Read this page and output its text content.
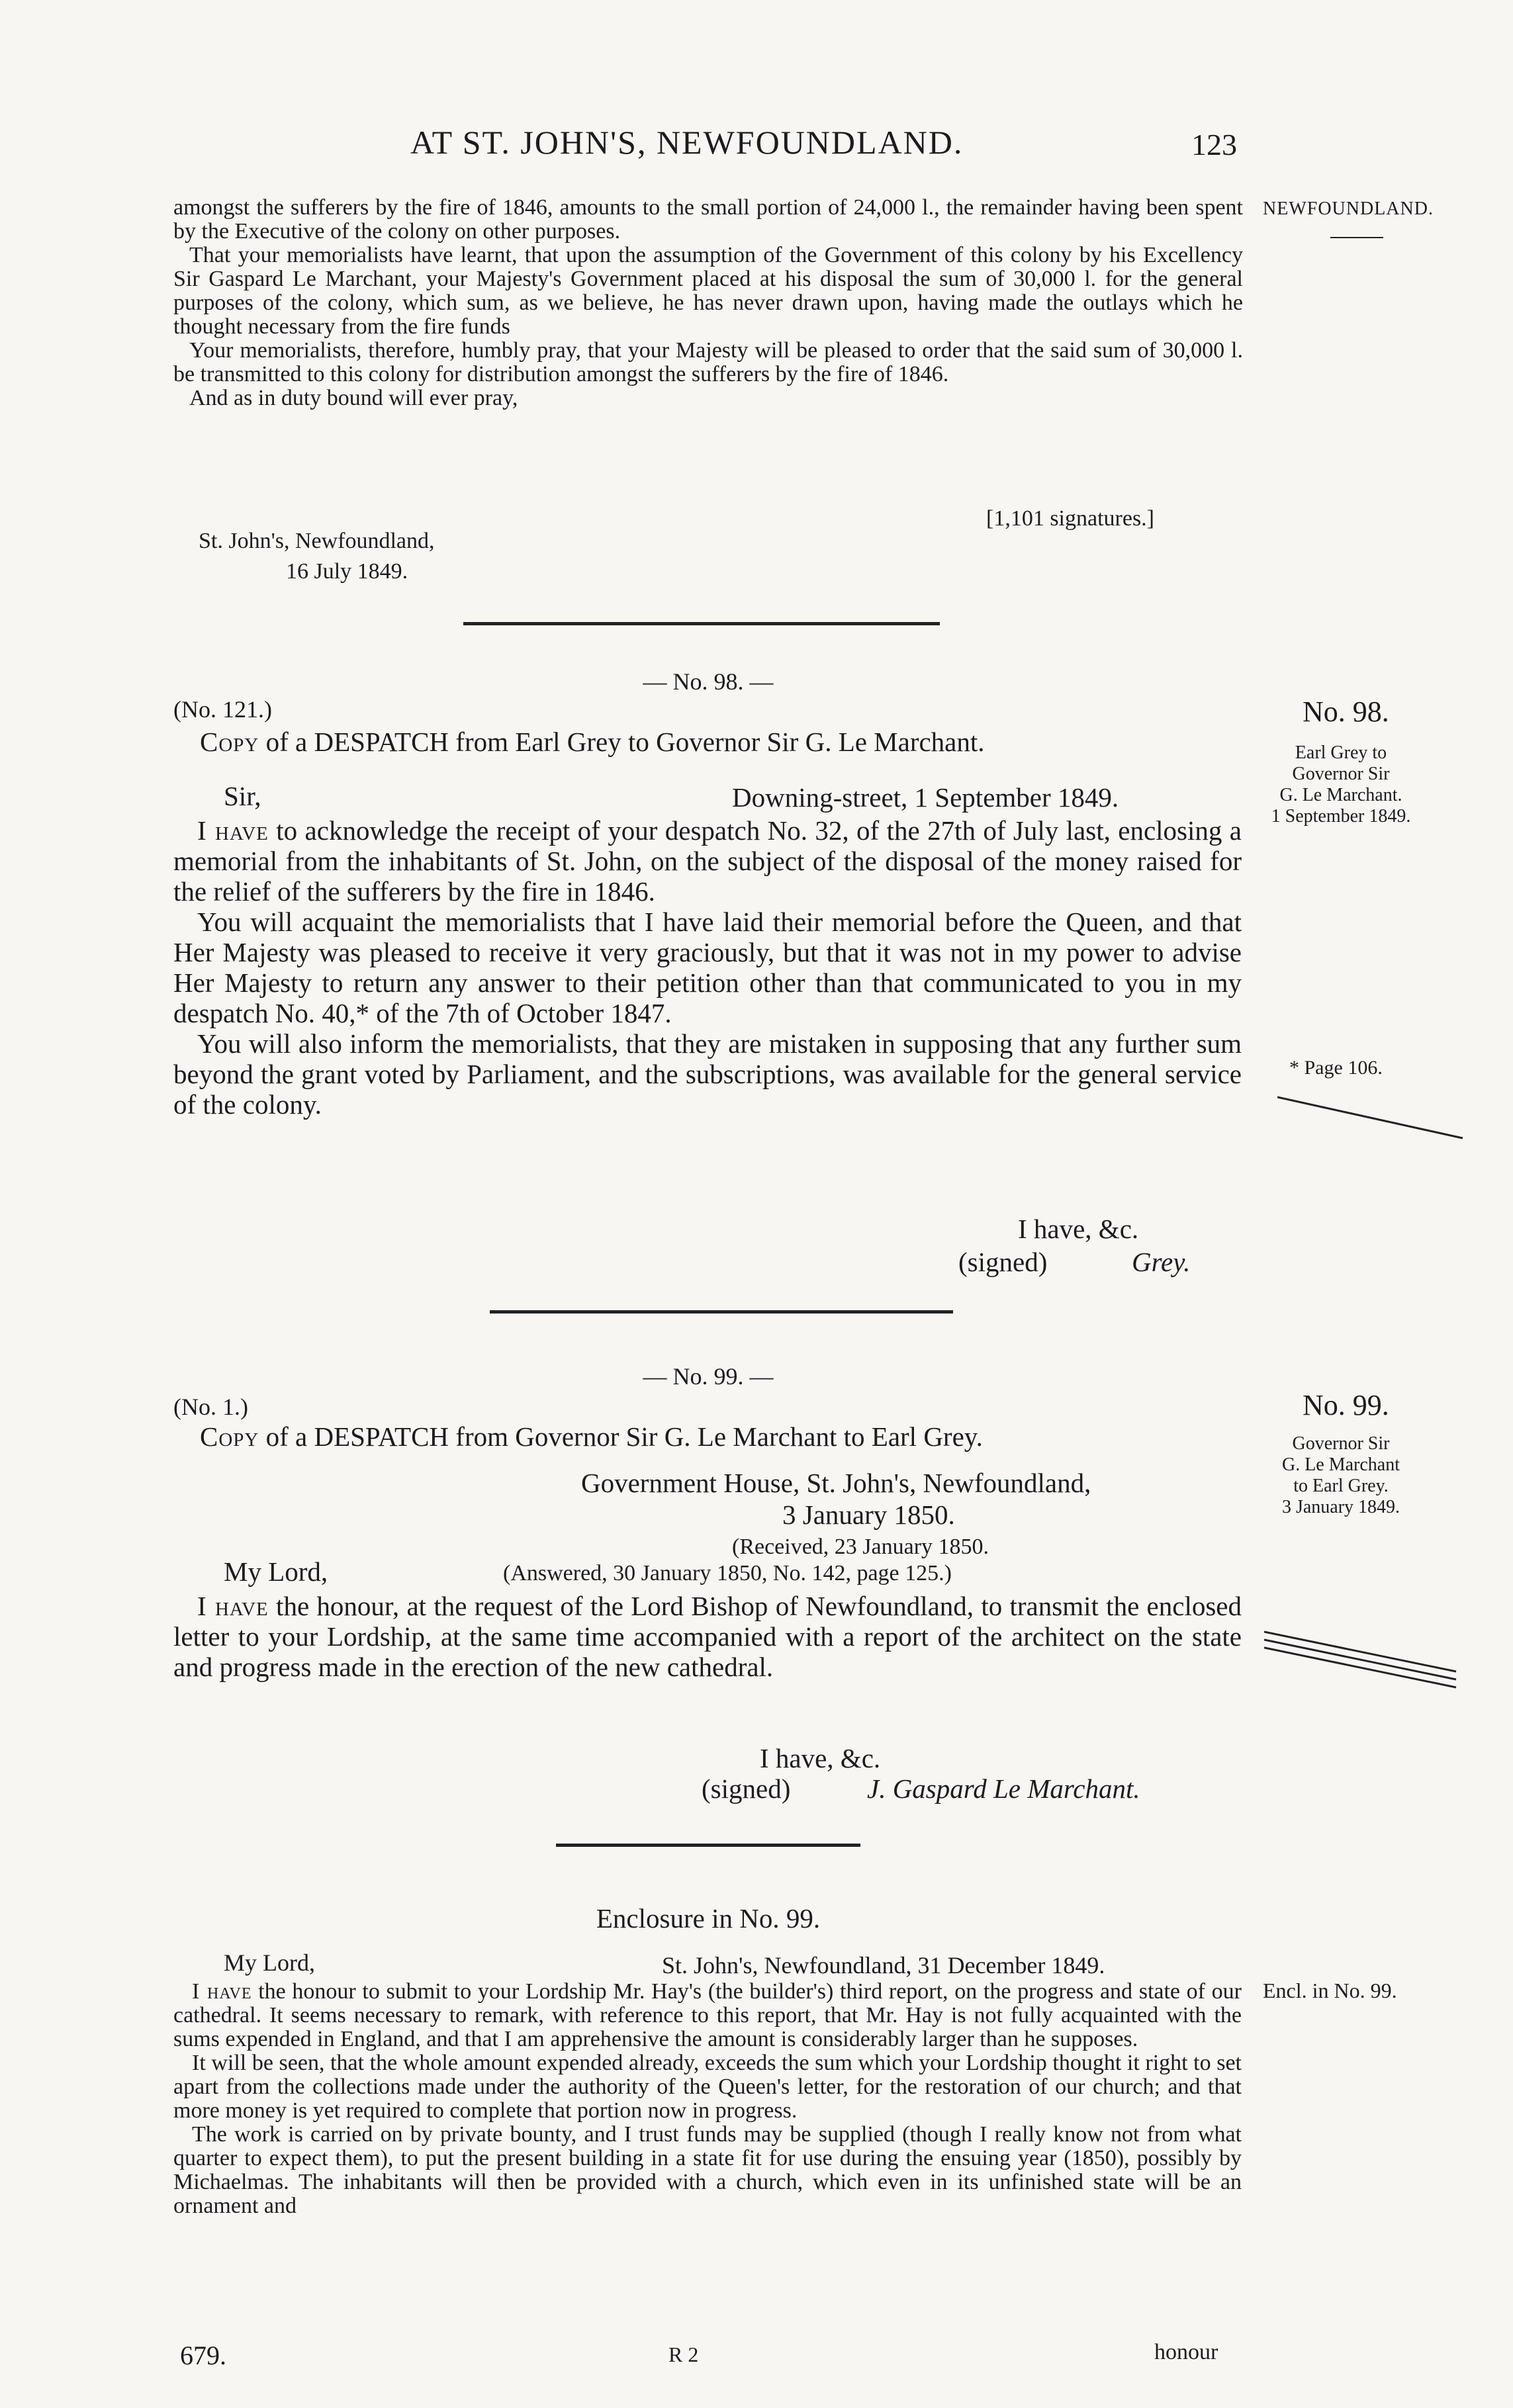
AT ST. JOHN'S, NEWFOUNDLAND.	123

amongst the sufferers by the fire of 1846, amounts to the small portion of 24,000 l., the remainder having been spent by the Executive of the colony on other purposes.

That your memorialists have learnt, that upon the assumption of the Government of this colony by his Excellency Sir Gaspard Le Marchant, your Majesty's Government placed at his disposal the sum of 30,000 l. for the general purposes of the colony, which sum, as we believe, he has never drawn upon, having made the outlays which he thought necessary from the fire funds

Your memorialists, therefore, humbly pray, that your Majesty will be pleased to order that the said sum of 30,000 l. be transmitted to this colony for distribution amongst the sufferers by the fire of 1846.

And as in duty bound will ever pray,

NEWFOUNDLAND.
[1,101 signatures.]
St. John's, Newfoundland,
16 July 1849.
— No. 98. —
(No. 121.)
Copy of a DESPATCH from Earl Grey to Governor Sir G. Le Marchant.
No. 98.
Earl Grey to
Governor Sir
G. Le Marchant.
1 September 1849.
Sir,	Downing-street, 1 September 1849.

I have to acknowledge the receipt of your despatch No. 32, of the 27th of July last, enclosing a memorial from the inhabitants of St. John, on the subject of the disposal of the money raised for the relief of the sufferers by the fire in 1846.

You will acquaint the memorialists that I have laid their memorial before the Queen, and that Her Majesty was pleased to receive it very graciously, but that it was not in my power to advise Her Majesty to return any answer to their petition other than that communicated to you in my despatch No. 40,* of the 7th of October 1847.

You will also inform the memorialists, that they are mistaken in supposing that any further sum beyond the grant voted by Parliament, and the subscriptions, was available for the general service of the colony.

* Page 106.
I have, &c.
(signed)	Grey.
— No. 99. —
(No. 1.)
Copy of a DESPATCH from Governor Sir G. Le Marchant to Earl Grey.
No. 99.
Governor Sir
G. Le Marchant
to Earl Grey.
3 January 1849.
Government House, St. John's, Newfoundland,
3 January 1850.
(Received, 23 January 1850.
My Lord,	(Answered, 30 January 1850, No. 142, page 125.)

I have the honour, at the request of the Lord Bishop of Newfoundland, to transmit the enclosed letter to your Lordship, at the same time accompanied with a report of the architect on the state and progress made in the erection of the new cathedral.

I have, &c.
(signed)	J. Gaspard Le Marchant.
Enclosure in No. 99.
Encl. in No. 99.
My Lord,	St. John's, Newfoundland, 31 December 1849.

I have the honour to submit to your Lordship Mr. Hay's (the builder's) third report, on the progress and state of our cathedral. It seems necessary to remark, with reference to this report, that Mr. Hay is not fully acquainted with the sums expended in England, and that I am apprehensive the amount is considerably larger than he supposes.

It will be seen, that the whole amount expended already, exceeds the sum which your Lordship thought it right to set apart from the collections made under the authority of the Queen's letter, for the restoration of our church; and that more money is yet required to complete that portion now in progress.

The work is carried on by private bounty, and I trust funds may be supplied (though I really know not from what quarter to expect them), to put the present building in a state fit for use during the ensuing year (1850), possibly by Michaelmas. The inhabitants will then be provided with a church, which even in its unfinished state will be an ornament and

679.	R 2	honour
